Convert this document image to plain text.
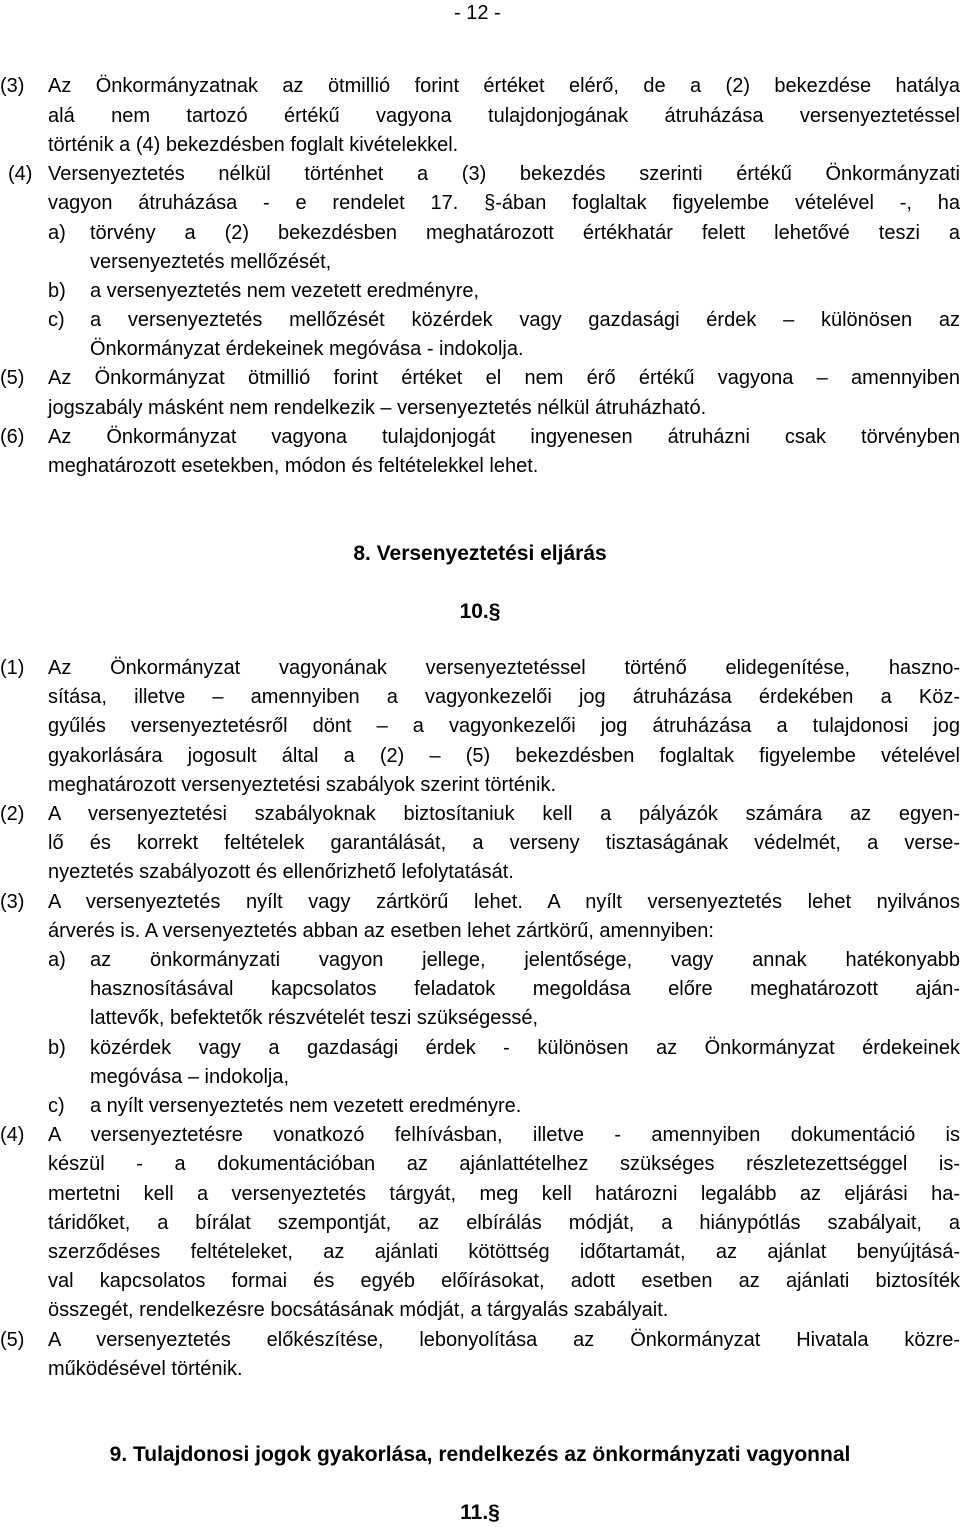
- 12 -
(3) Az Önkormányzatnak az ötmillió forint értéket elérő, de a (2) bekezdése hatálya
alá nem tartozó értékű vagyona tulajdonjogának átruházása versenyeztetéssel
történik a (4) bekezdésben foglalt kivételekkel.
(4) Versenyeztetés nélkül történhet a (3) bekezdés szerinti értékű Önkormányzati
vagyon átruházása - e rendelet 17. §-ában foglaltak figyelembe vételével -, ha
a)	törvény a (2) bekezdésben meghatározott értékhatár felett lehetővé teszi a
versenyeztetés mellőzését,
b)	a versenyeztetés nem vezetett eredményre,
c)	a versenyeztetés mellőzését közérdek vagy gazdasági érdek – különösen az
Önkormányzat érdekeinek megóvása - indokolja.
(5) Az Önkormányzat ötmillió forint értéket el nem érő értékű vagyona – amennyiben
jogszabály másként nem rendelkezik – versenyeztetés nélkül átruházható.
(6) Az Önkormányzat vagyona tulajdonjogát ingyenesen átruházni csak törvényben
meghatározott esetekben, módon és feltételekkel lehet.
8. Versenyeztetési eljárás
10.§
(1) Az Önkormányzat vagyonának versenyeztetéssel történő elidegenítése, haszno-
sítása, illetve – amennyiben a vagyonkezelői jog átruházása érdekében a Köz-
gyűlés versenyeztetésről dönt – a vagyonkezelői jog átruházása a tulajdonosi jog
gyakorlására jogosult által a (2) – (5) bekezdésben foglaltak figyelembe vételével
meghatározott versenyeztetési szabályok szerint történik.
(2) A versenyeztetési szabályoknak biztosítaniuk kell a pályázók számára az egyen-
lő és korrekt feltételek garantálását, a verseny tisztaságának védelmét, a verse-
nyeztetés szabályozott és ellenőrizhető lefolytatását.
(3) A versenyeztetés nyílt vagy zártkörű lehet. A nyílt versenyeztetés lehet nyilvános
árverés is. A versenyeztetés abban az esetben lehet zártkörű, amennyiben:
a)	az önkormányzati vagyon jellege, jelentősége, vagy annak hatékonyabb
hasznosításával kapcsolatos feladatok megoldása előre meghatározott aján-
lattevők, befektetők részvételét teszi szükségessé,
b)	közérdek vagy a gazdasági érdek - különösen az Önkormányzat érdekeinek
megóvása – indokolja,
c)	a nyílt versenyeztetés nem vezetett eredményre.
(4) A versenyeztetésre vonatkozó felhívásban, illetve - amennyiben dokumentáció is
készül - a dokumentációban az ajánlattételhez szükséges részletezettséggel is-
mertetni kell a versenyeztetés tárgyát, meg kell határozni legalább az eljárási ha-
táridőket, a bírálat szempontját, az elbírálás módját, a hiánypótlás szabályait, a
szerződéses feltételeket, az ajánlati kötöttség időtartamát, az ajánlat benyújtásá-
val kapcsolatos formai és egyéb előírásokat, adott esetben az ajánlati biztosíték
összegét, rendelkezésre bocsátásának módját, a tárgyalás szabályait.
(5) A versenyeztetés előkészítése, lebonyolítása az Önkormányzat Hivatala közre-
működésével történik.
9. Tulajdonosi jogok gyakorlása, rendelkezés az önkormányzati vagyonnal
11.§
